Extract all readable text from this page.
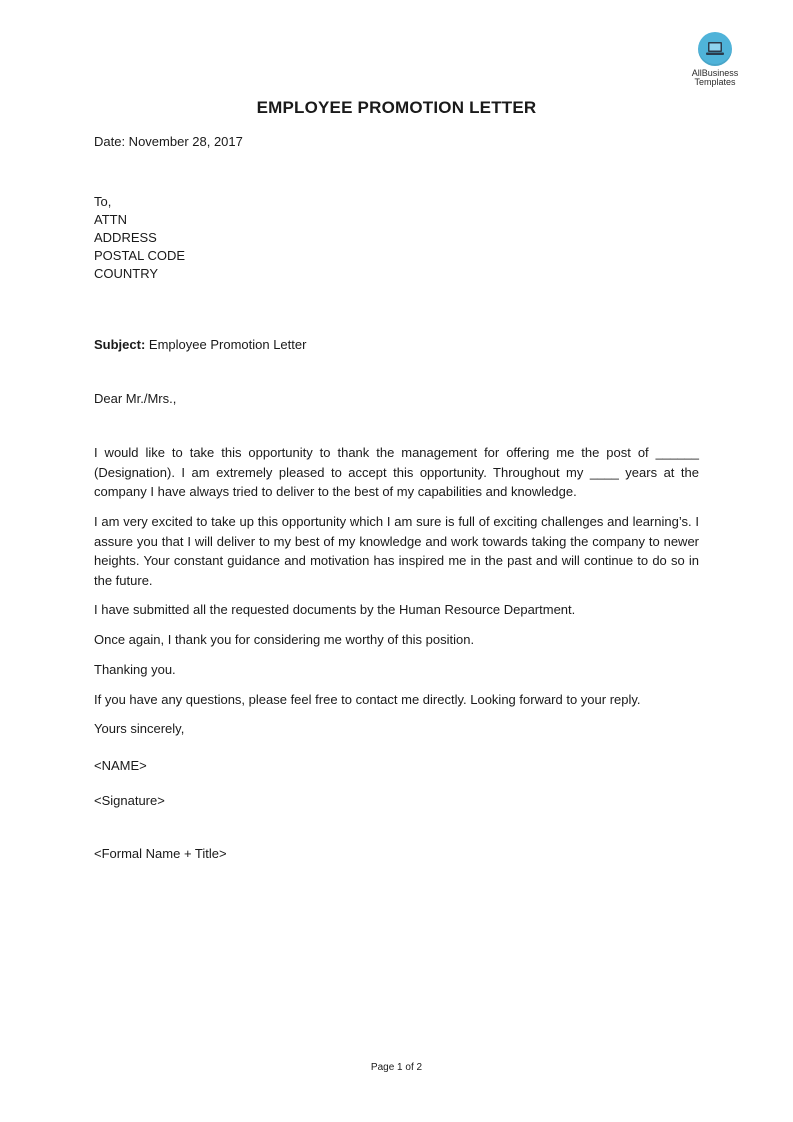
AllBusiness
Templates
EMPLOYEE PROMOTION LETTER
Date: November 28, 2017
To,
ATTN
ADDRESS
POSTAL CODE
COUNTRY
Subject: Employee Promotion Letter
Dear Mr./Mrs.,
I would like to take this opportunity to thank the management for offering me the post of ______ (Designation). I am extremely pleased to accept this opportunity. Throughout my ____ years at the company I have always tried to deliver to the best of my capabilities and knowledge.
I am very excited to take up this opportunity which I am sure is full of exciting challenges and learning’s. I assure you that I will deliver to my best of my knowledge and work towards taking the company to newer heights. Your constant guidance and motivation has inspired me in the past and will continue to do so in the future.
I have submitted all the requested documents by the Human Resource Department.
Once again, I thank you for considering me worthy of this position.
Thanking you.
If you have any questions, please feel free to contact me directly. Looking forward to your reply.
Yours sincerely,
<NAME>
<Signature>
<Formal Name + Title>
Page 1 of 2
